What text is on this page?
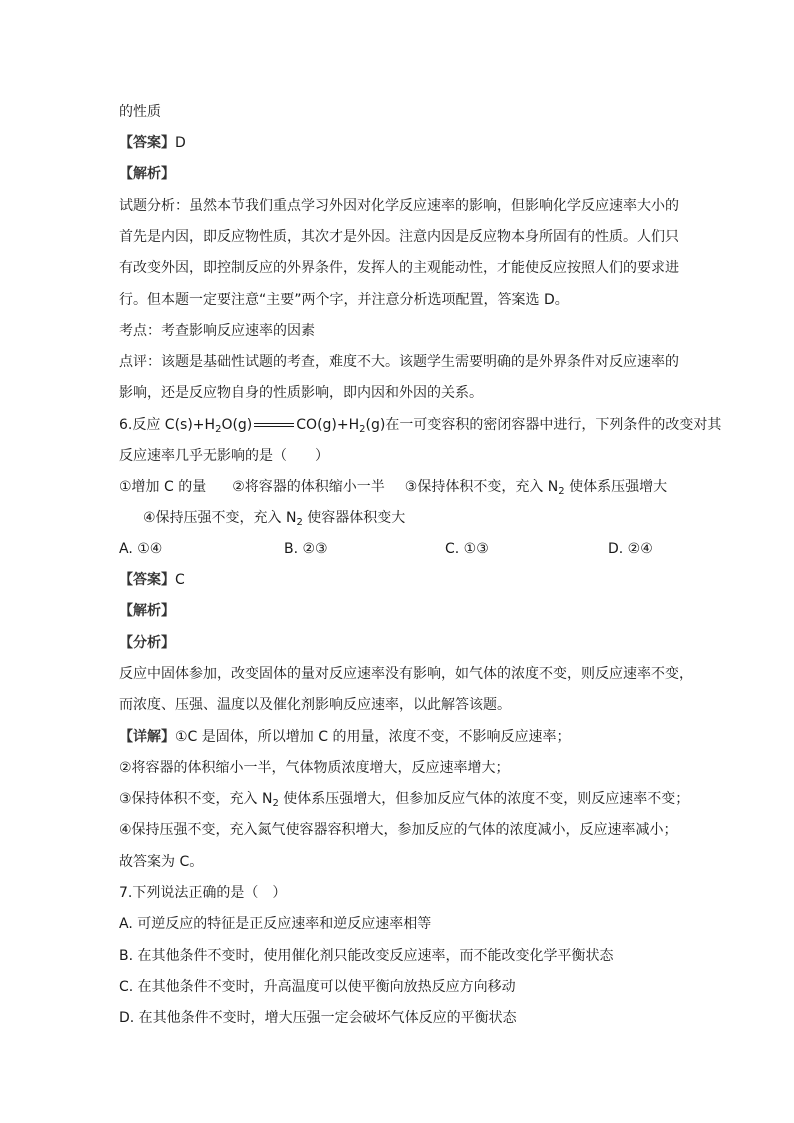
的性质
【答案】D
【解析】
试题分析：虽然本节我们重点学习外因对化学反应速率的影响，但影响化学反应速率大小的
首先是内因，即反应物性质，其次才是外因。注意内因是反应物本身所固有的性质。人们只
有改变外因，即控制反应的外界条件，发挥人的主观能动性，才能使反应按照人们的要求进
行。但本题一定要注意“主要”两个字，并注意分析选项配置，答案选 D。
考点：考查影响反应速率的因素
点评：该题是基础性试题的考查，难度不大。该题学生需要明确的是外界条件对反应速率的
影响，还是反应物自身的性质影响，即内因和外因的关系。
6.反应 $C(s)+H_2O(g)$	$CO(g)+H_2(g)$在一可变容积的密闭容器中进行，下列条件的改变对其
反应速率几乎无影响的是（　　）
①增加 C 的量 ②将容器的体积缩小一半 ③保持体积不变，充入 $N_2$ 使体系压强增大
④保持压强不变，充入 $N_2$ 使容器体积变大
A. ①④	B. ②③	C. ①③	D. ②④
【答案】C
【解析】
【分析】
反应中固体参加，改变固体的量对反应速率没有影响，如气体的浓度不变，则反应速率不变，
而浓度、压强、温度以及催化剂影响反应速率，以此解答该题。
【详解】①C 是固体，所以增加 C 的用量，浓度不变，不影响反应速率；
②将容器的体积缩小一半，气体物质浓度增大，反应速率增大；
③保持体积不变，充入 $N_2$ 使体系压强增大，但参加反应气体的浓度不变，则反应速率不变；
④保持压强不变，充入氮气使容器容积增大，参加反应的气体的浓度减小，反应速率减小；
故答案为 C。
7.下列说法正确的是（　）
A. 可逆反应的特征是正反应速率和逆反应速率相等
B. 在其他条件不变时，使用催化剂只能改变反应速率，而不能改变化学平衡状态
C. 在其他条件不变时，升高温度可以使平衡向放热反应方向移动
D. 在其他条件不变时，增大压强一定会破坏气体反应的平衡状态
